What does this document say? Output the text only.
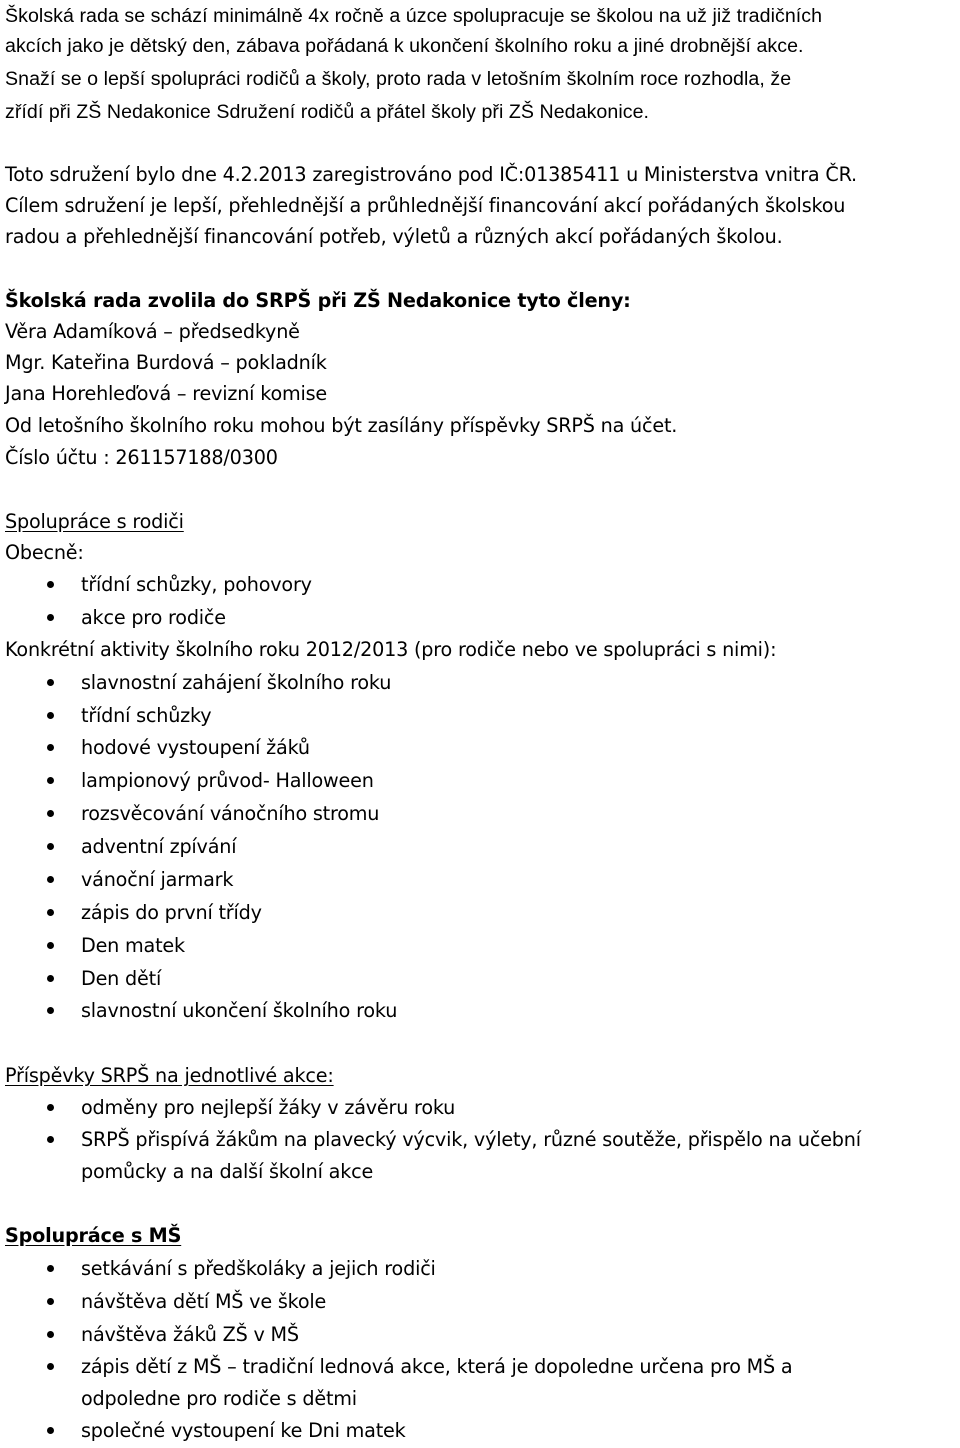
Školská rada se schází minimálně 4x ročně a úzce spolupracuje se školou na už již tradičních
akcích jako je dětský den, zábava pořádaná k ukončení školního roku a jiné drobnější akce.
Snaží se o lepší spolupráci rodičů a školy, proto rada v letošním školním roce rozhodla, že
zřídí při ZŠ Nedakonice Sdružení rodičů a přátel školy při ZŠ Nedakonice.
Toto sdružení bylo dne 4.2.2013 zaregistrováno pod IČ:01385411 u Ministerstva vnitra ČR.
Cílem sdružení je lepší, přehlednější a průhlednější financování akcí pořádaných školskou
radou a přehlednější financování potřeb, výletů a různých akcí pořádaných školou.
Školská rada zvolila do SRPŠ při ZŠ Nedakonice tyto členy:
Věra Adamíková – předsedkyně
Mgr. Kateřina Burdová – pokladník
Jana Horehleďová – revizní komise
Od letošního školního roku mohou být zasílány příspěvky SRPŠ na účet.
Číslo účtu : 261157188/0300
Spolupráce s rodiči
Obecně:
třídní schůzky, pohovory
akce pro rodiče
Konkrétní aktivity školního roku 2012/2013 (pro rodiče nebo ve spolupráci s nimi):
slavnostní zahájení školního roku
třídní schůzky
hodové vystoupení žáků
lampionový průvod- Halloween
rozsvěcování vánočního stromu
adventní zpívání
vánoční jarmark
zápis do první třídy
Den matek
Den dětí
slavnostní ukončení školního roku
Příspěvky SRPŠ na jednotlivé akce:
odměny pro nejlepší žáky v závěru roku
SRPŠ přispívá žákům na plavecký výcvik, výlety, různé soutěže, přispělo na učební
pomůcky a na další školní akce
Spolupráce s MŠ
setkávání s předškoláky a jejich rodiči
návštěva dětí MŠ ve škole
návštěva žáků ZŠ v MŠ
zápis dětí z MŠ – tradiční lednová akce, která je dopoledne určena pro MŠ a
odpoledne pro rodiče s dětmi
společné vystoupení ke Dni matek
